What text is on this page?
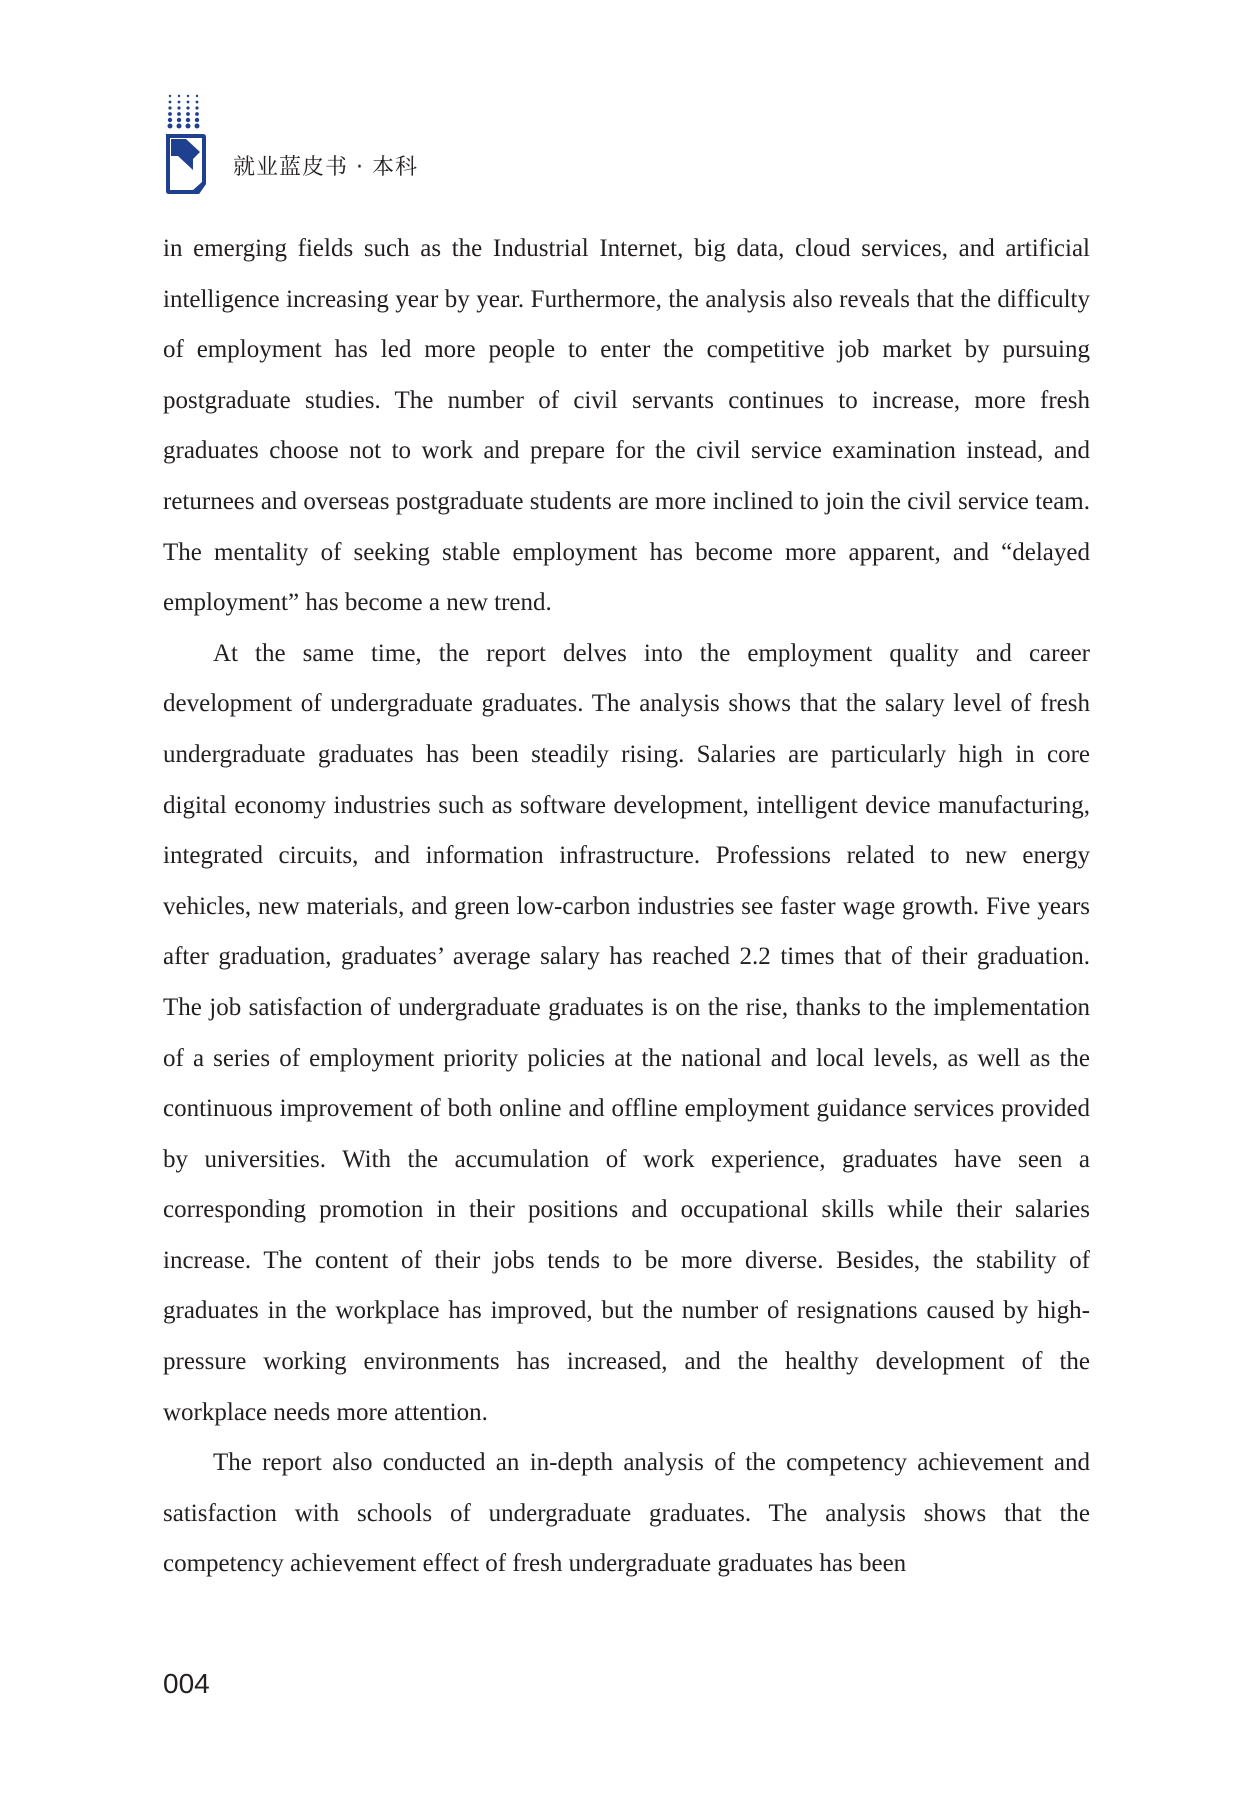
就业蓝皮书 · 本科

in emerging fields such as the Industrial Internet, big data, cloud services, and artificial intelligence increasing year by year. Furthermore, the analysis also reveals that the difficulty of employment has led more people to enter the competitive job market by pursuing postgraduate studies. The number of civil servants continues to increase, more fresh graduates choose not to work and prepare for the civil service examination instead, and returnees and overseas postgraduate students are more inclined to join the civil service team. The mentality of seeking stable employment has become more apparent, and “delayed employment” has become a new trend.

At the same time, the report delves into the employment quality and career development of undergraduate graduates. The analysis shows that the salary level of fresh undergraduate graduates has been steadily rising. Salaries are particularly high in core digital economy industries such as software development, intelligent device manufacturing, integrated circuits, and information infrastructure. Professions related to new energy vehicles, new materials, and green low-carbon industries see faster wage growth. Five years after graduation, graduates’ average salary has reached 2.2 times that of their graduation. The job satisfaction of undergraduate graduates is on the rise, thanks to the implementation of a series of employment priority policies at the national and local levels, as well as the continuous improvement of both online and offline employment guidance services provided by universities. With the accumulation of work experience, graduates have seen a corresponding promotion in their positions and occupational skills while their salaries increase. The content of their jobs tends to be more diverse. Besides, the stability of graduates in the workplace has improved, but the number of resignations caused by high-pressure working environments has increased, and the healthy development of the workplace needs more attention.

The report also conducted an in-depth analysis of the competency achievement and satisfaction with schools of undergraduate graduates. The analysis shows that the competency achievement effect of fresh undergraduate graduates has been

004
